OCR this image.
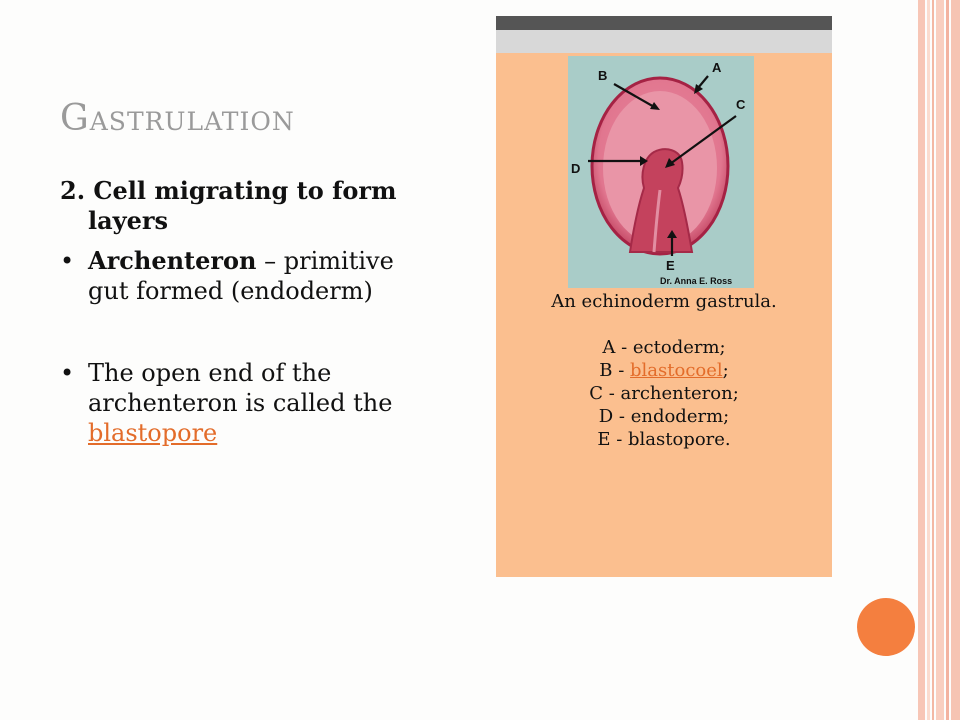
Gastrulation

2. Cell migrating to form layers

• Archenteron – primitive gut formed (endoderm)

• The open end of the archenteron is called the blastopore

B
A
C
D
E
Dr. Anna E. Ross

An echinoderm gastrula.

A - ectoderm;

B - blastocoel;

C - archenteron;

D - endoderm;

E - blastopore.
